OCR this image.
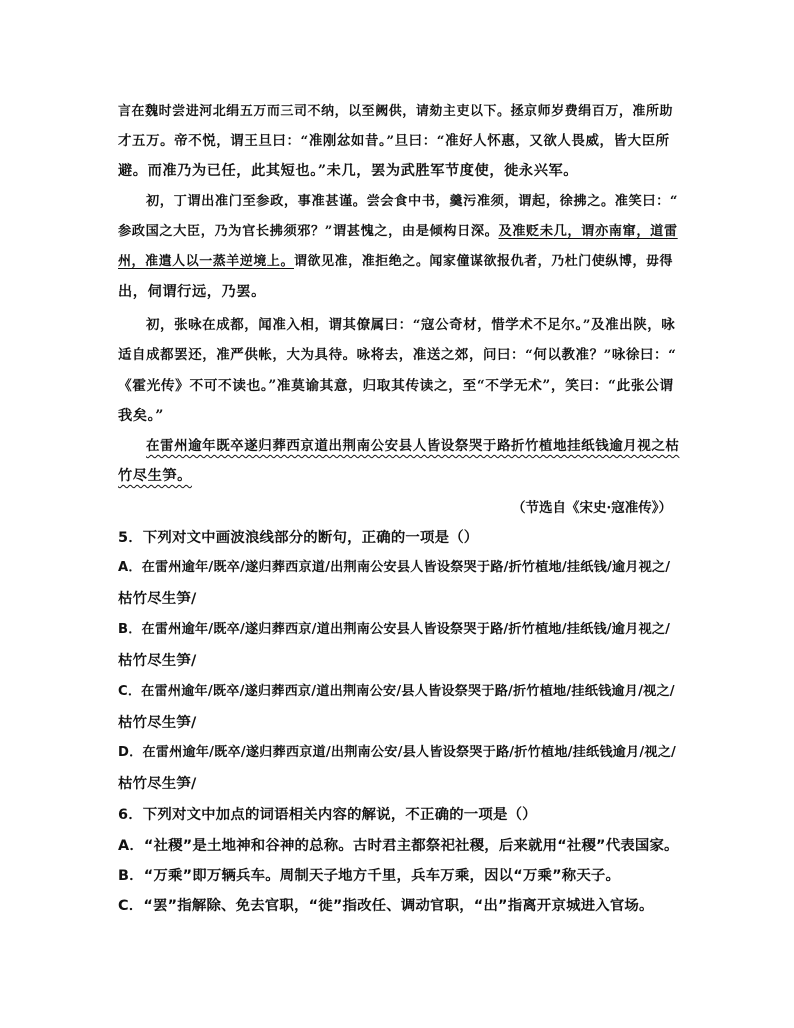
言在魏时尝进河北绢五万而三司不纳，以至阙供，请劾主吏以下。拯京师岁费绢百万，准所助
才五万。帝不悦，谓王旦曰：“准刚忿如昔。”旦曰：“准好人怀惠，又欲人畏威，皆大臣所
避。而准乃为已任，此其短也。”未几，罢为武胜军节度使，徙永兴军。
初，丁谓出准门至参政，事准甚谨。尝会食中书，羹污准须，谓起，徐拂之。准笑曰：“
参政国之大臣，乃为官长拂须邪？”谓甚愧之，由是倾构日深。及准贬未几，谓亦南窜，道雷
州，准遣人以一蒸羊逆境上。谓欲见准，准拒绝之。闻家僮谋欲报仇者，乃杜门使纵博，毋得
出，伺谓行远，乃罢。
初，张咏在成都，闻准入相，谓其僚属曰：“寇公奇材，惜学术不足尔。”及准出陕，咏
适自成都罢还，准严供帐，大为具待。咏将去，准送之郊，问曰：“何以教准？”咏徐曰：“
《霍光传》不可不读也。”准莫谕其意，归取其传读之，至“不学无术”，笑曰：“此张公谓
我矣。”
在雷州逾年既卒遂归葬西京道出荆南公安县人皆设祭哭于路折竹植地挂纸钱逾月视之枯
竹尽生笋。
（节选自《宋史·寇准传》）
5．下列对文中画波浪线部分的断句，正确的一项是（）
A．在雷州逾年/既卒/遂归葬西京道/出荆南公安县人皆设祭哭于路/折竹植地/挂纸钱/逾月视之/
枯竹尽生笋/
B．在雷州逾年/既卒/遂归葬西京/道出荆南公安县人皆设祭哭于路/折竹植地/挂纸钱/逾月视之/
枯竹尽生笋/
C．在雷州逾年/既卒/遂归葬西京/道出荆南公安/县人皆设祭哭于路/折竹植地/挂纸钱逾月/视之/
枯竹尽生笋/
D．在雷州逾年/既卒/遂归葬西京道/出荆南公安/县人皆设祭哭于路/折竹植地/挂纸钱逾月/视之/
枯竹尽生笋/
6．下列对文中加点的词语相关内容的解说，不正确的一项是（）
A．“社稷”是土地神和谷神的总称。古时君主都祭祀社稷，后来就用“社稷”代表国家。
B．“万乘”即万辆兵车。周制天子地方千里，兵车万乘，因以“万乘”称天子。
C．“罢”指解除、免去官职，“徙”指改任、调动官职，“出”指离开京城进入官场。
